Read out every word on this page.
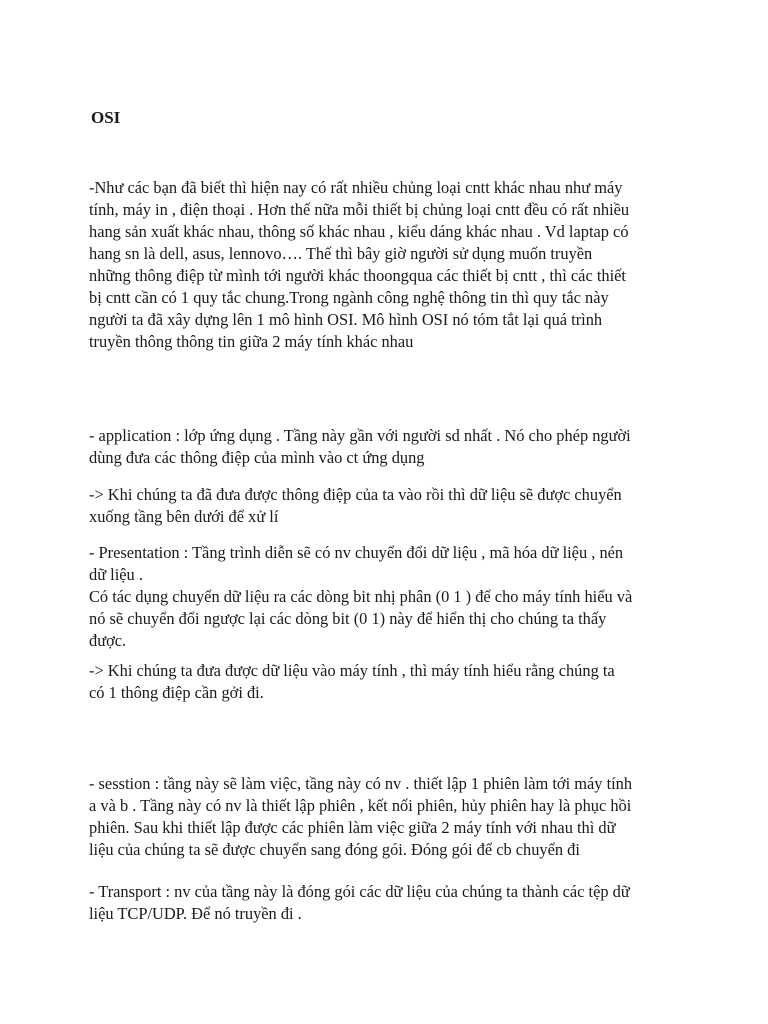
OSI

-Như các bạn đã biết thì hiện nay có rất nhiều chủng loại cntt khác nhau như máy
tính, máy in , điện thoại . Hơn thế nữa mỗi thiết bị chủng loại cntt đều có rất nhiều
hang sản xuất khác nhau, thông số khác nhau , kiểu dáng khác nhau . Vd laptap có
hang sn là dell, asus, lennovo…. Thế thì bây giờ người sử dụng muốn truyền
những thông điệp từ mình tới người khác thoongqua các thiết bị cntt , thì các thiết
bị cntt cần có 1 quy tắc chung.Trong ngành công nghệ thông tin thì quy tắc này
người ta đã xây dựng lên 1 mô hình OSI. Mô hình OSI nó tóm tắt lại quá trình
truyền thông thông tin giữa 2 máy tính khác nhau

- application : lớp ứng dụng . Tầng này gần với người sd nhất . Nó cho phép người
dùng đưa các thông điệp của mình vào ct ứng dụng

-> Khi chúng ta đã đưa được thông điệp của ta vào rồi thì dữ liệu sẽ được chuyển
xuống tầng bên dưới để xử lí

- Presentation : Tầng trình diễn sẽ có nv chuyển đổi dữ liệu , mã hóa dữ liệu , nén
dữ liệu .
Có tác dụng chuyển dữ liệu ra các dòng bit nhị phân (0 1 ) để cho máy tính hiểu và
nó sẽ chuyển đổi ngược lại các dòng bit (0 1) này để hiển thị cho chúng ta thấy
được.

-> Khi chúng ta đưa được dữ liệu vào máy tính , thì máy tính hiểu rằng chúng ta
có 1 thông điệp cần gởi đi.

- sesstion : tầng này sẽ làm việc, tầng này có nv . thiết lập 1 phiên làm tới máy tính
a và b . Tầng này có nv là thiết lập phiên , kết nối phiên, hủy phiên hay là phục hồi
phiên. Sau khi thiết lập được các phiên làm việc giữa 2 máy tính với nhau thì dữ
liệu của chúng ta sẽ được chuyển sang đóng gói. Đóng gói để cb chuyển đi

- Transport : nv của tầng này là đóng gói các dữ liệu của chúng ta thành các tệp dữ
liệu TCP/UDP. Để nó truyền đi .
